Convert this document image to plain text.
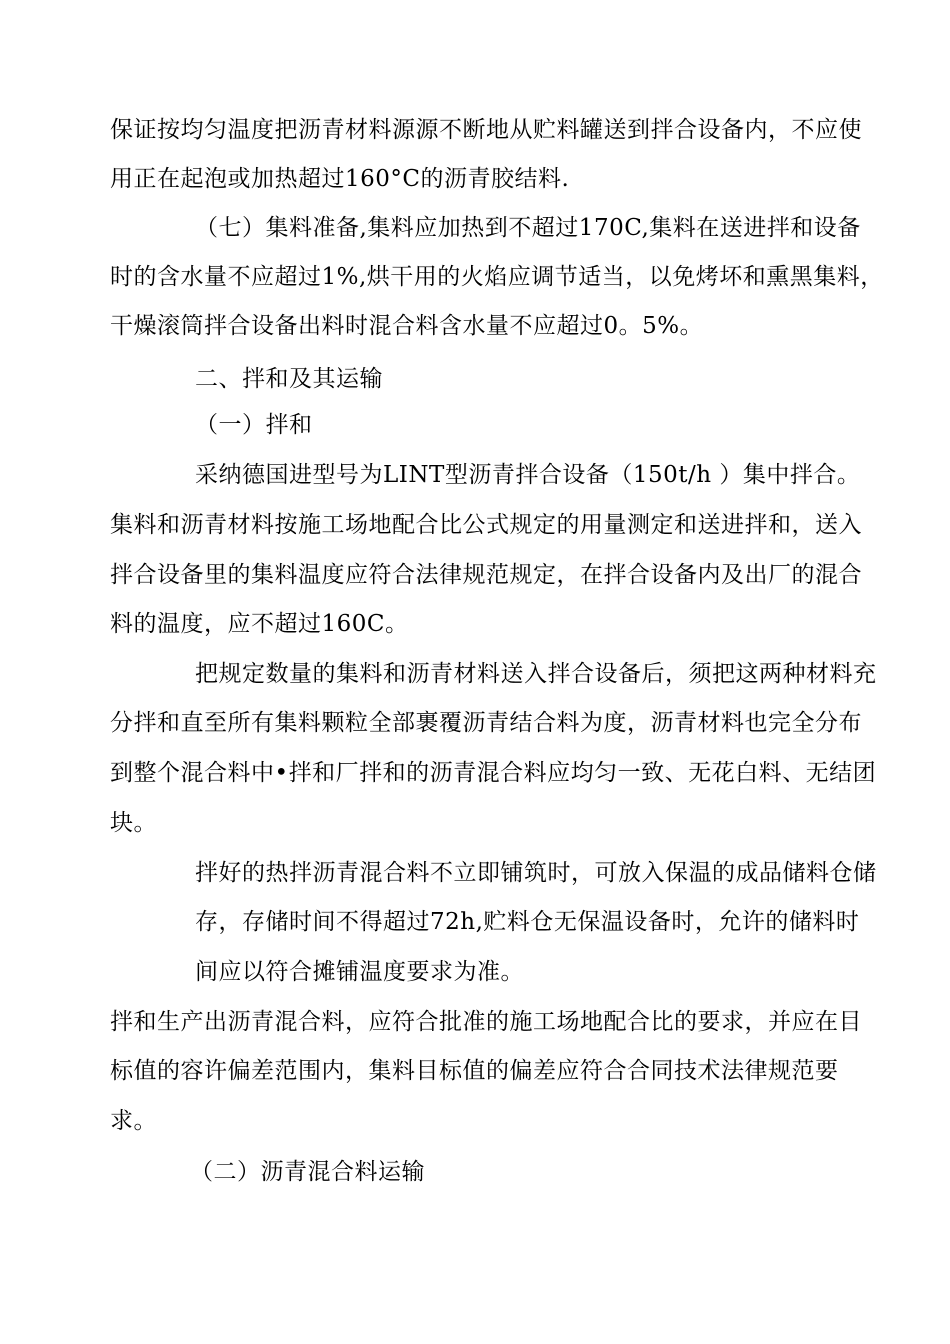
保证按均匀温度把沥青材料源源不断地从贮料罐送到拌合设备内，不应使
用正在起泡或加热超过160°C的沥青胶结料.
（七）集料准备,集料应加热到不超过170C,集料在送进拌和设备
时的含水量不应超过1%,烘干用的火焰应调节适当，以免烤坏和熏黑集料，
干燥滚筒拌合设备出料时混合料含水量不应超过0。5%。
二、拌和及其运输
（一）拌和
采纳德国进型号为LINT型沥青拌合设备（150t/h ）集中拌合。
集料和沥青材料按施工场地配合比公式规定的用量测定和送进拌和，送入
拌合设备里的集料温度应符合法律规范规定，在拌合设备内及出厂的混合
料的温度，应不超过160C。
把规定数量的集料和沥青材料送入拌合设备后，须把这两种材料充
分拌和直至所有集料颗粒全部裹覆沥青结合料为度，沥青材料也完全分布
到整个混合料中•拌和厂拌和的沥青混合料应均匀一致、无花白料、无结团
块。
拌好的热拌沥青混合料不立即铺筑时，可放入保温的成品储料仓储
存，存储时间不得超过72h,贮料仓无保温设备时，允许的储料时
间应以符合摊铺温度要求为准。
拌和生产出沥青混合料，应符合批准的施工场地配合比的要求，并应在目
标值的容许偏差范围内，集料目标值的偏差应符合合同技术法律规范要
求。
（二）沥青混合料运输
